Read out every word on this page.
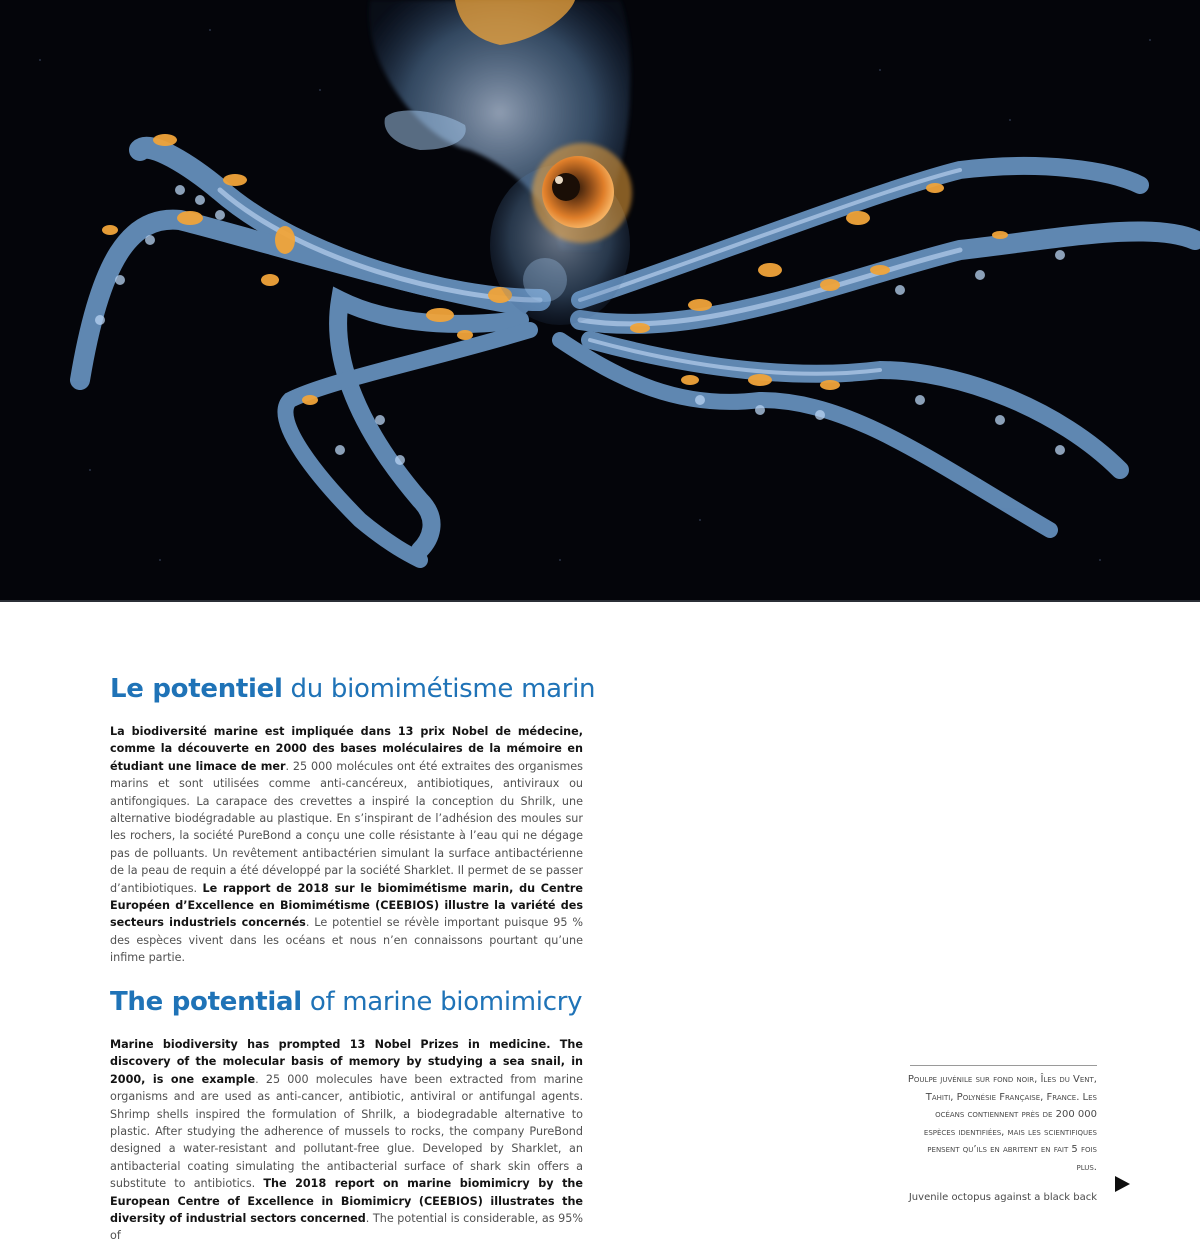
Le potentiel du biomimétisme marin

La biodiversité marine est impliquée dans 13 prix Nobel de médecine, comme la découverte en 2000 des bases moléculaires de la mémoire en étudiant une limace de mer. 25 000 molécules ont été extraites des organismes marins et sont utilisées comme anti-cancéreux, antibiotiques, antiviraux ou antifongiques. La carapace des crevettes a inspiré la conception du Shrilk, une alternative biodégradable au plastique. En s’inspirant de l’adhésion des moules sur les rochers, la société PureBond a conçu une colle résistante à l’eau qui ne dégage pas de polluants. Un revêtement antibactérien simulant la surface antibactérienne de la peau de requin a été développé par la société Sharklet. Il permet de se passer d’antibiotiques. Le rapport de 2018 sur le biomimétisme marin, du Centre Européen d’Excellence en Biomimétisme (CEEBIOS) illustre la variété des secteurs industriels concernés. Le potentiel se révèle important puisque 95 % des espèces vivent dans les océans et nous n’en connaissons pourtant qu’une infime partie.

The potential of marine biomimicry

Marine biodiversity has prompted 13 Nobel Prizes in medicine. The discovery of the molecular basis of memory by studying a sea snail, in 2000, is one example. 25 000 molecules have been extracted from marine organisms and are used as anti-cancer, antibiotic, antiviral or antifungal agents. Shrimp shells inspired the formulation of Shrilk, a biodegradable alternative to plastic. After studying the adherence of mussels to rocks, the company PureBond designed a water-resistant and pollutant-free glue. Developed by Sharklet, an antibacterial coating simulating the antibacterial surface of shark skin offers a substitute to antibiotics. The 2018 report on marine biomimicry by the European Centre of Excellence in Biomimicry (CEEBIOS) illustrates the diversity of industrial sectors concerned. The potential is considerable, as 95% of

Poulpe juvénile sur fond noir, Îles du Vent, Tahiti, Polynésie Française, France. Les océans contiennent près de 200 000 espèces identifiées, mais les scientifiques pensent qu’ils en abritent en fait 5 fois plus.

Juvenile octopus against a black back
